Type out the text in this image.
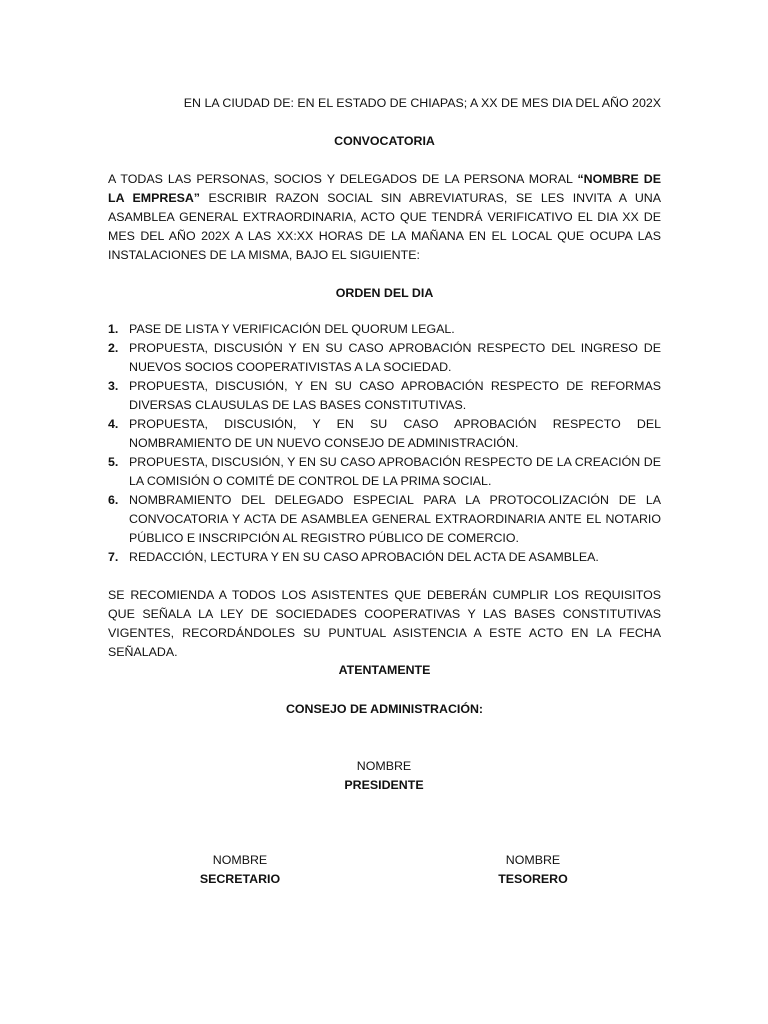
EN LA CIUDAD DE: EN EL ESTADO DE CHIAPAS; A XX DE MES DIA DEL AÑO 202X
CONVOCATORIA
A TODAS LAS PERSONAS, SOCIOS Y DELEGADOS DE LA PERSONA MORAL “NOMBRE DE LA EMPRESA” ESCRIBIR RAZON SOCIAL SIN ABREVIATURAS, SE LES INVITA A UNA ASAMBLEA GENERAL EXTRAORDINARIA, ACTO QUE TENDRÁ VERIFICATIVO EL DIA XX DE MES DEL AÑO 202X A LAS XX:XX HORAS DE LA MAÑANA EN EL LOCAL QUE OCUPA LAS INSTALACIONES DE LA MISMA, BAJO EL SIGUIENTE:
ORDEN DEL DIA
1. PASE DE LISTA Y VERIFICACIÓN DEL QUORUM LEGAL.
2. PROPUESTA, DISCUSIÓN Y EN SU CASO APROBACIÓN RESPECTO DEL INGRESO DE NUEVOS SOCIOS COOPERATIVISTAS A LA SOCIEDAD.
3. PROPUESTA, DISCUSIÓN, Y EN SU CASO APROBACIÓN RESPECTO DE REFORMAS DIVERSAS CLAUSULAS DE LAS BASES CONSTITUTIVAS.
4. PROPUESTA, DISCUSIÓN, Y EN SU CASO APROBACIÓN RESPECTO DEL NOMBRAMIENTO DE UN NUEVO CONSEJO DE ADMINISTRACIÓN.
5. PROPUESTA, DISCUSIÓN, Y EN SU CASO APROBACIÓN RESPECTO DE LA CREACIÓN DE LA COMISIÓN O COMITÉ DE CONTROL DE LA PRIMA SOCIAL.
6. NOMBRAMIENTO DEL DELEGADO ESPECIAL PARA LA PROTOCOLIZACIÓN DE LA CONVOCATORIA Y ACTA DE ASAMBLEA GENERAL EXTRAORDINARIA ANTE EL NOTARIO PÚBLICO E INSCRIPCIÓN AL REGISTRO PÚBLICO DE COMERCIO.
7. REDACCIÓN, LECTURA Y EN SU CASO APROBACIÓN DEL ACTA DE ASAMBLEA.
SE RECOMIENDA A TODOS LOS ASISTENTES QUE DEBERÁN CUMPLIR LOS REQUISITOS QUE SEÑALA LA LEY DE SOCIEDADES COOPERATIVAS Y LAS BASES CONSTITUTIVAS VIGENTES, RECORDÁNDOLES SU PUNTUAL ASISTENCIA A ESTE ACTO EN LA FECHA SEÑALADA.
ATENTAMENTE
CONSEJO DE ADMINISTRACIÓN:
NOMBRE
PRESIDENTE
NOMBRE
SECRETARIO
NOMBRE
TESORERO
